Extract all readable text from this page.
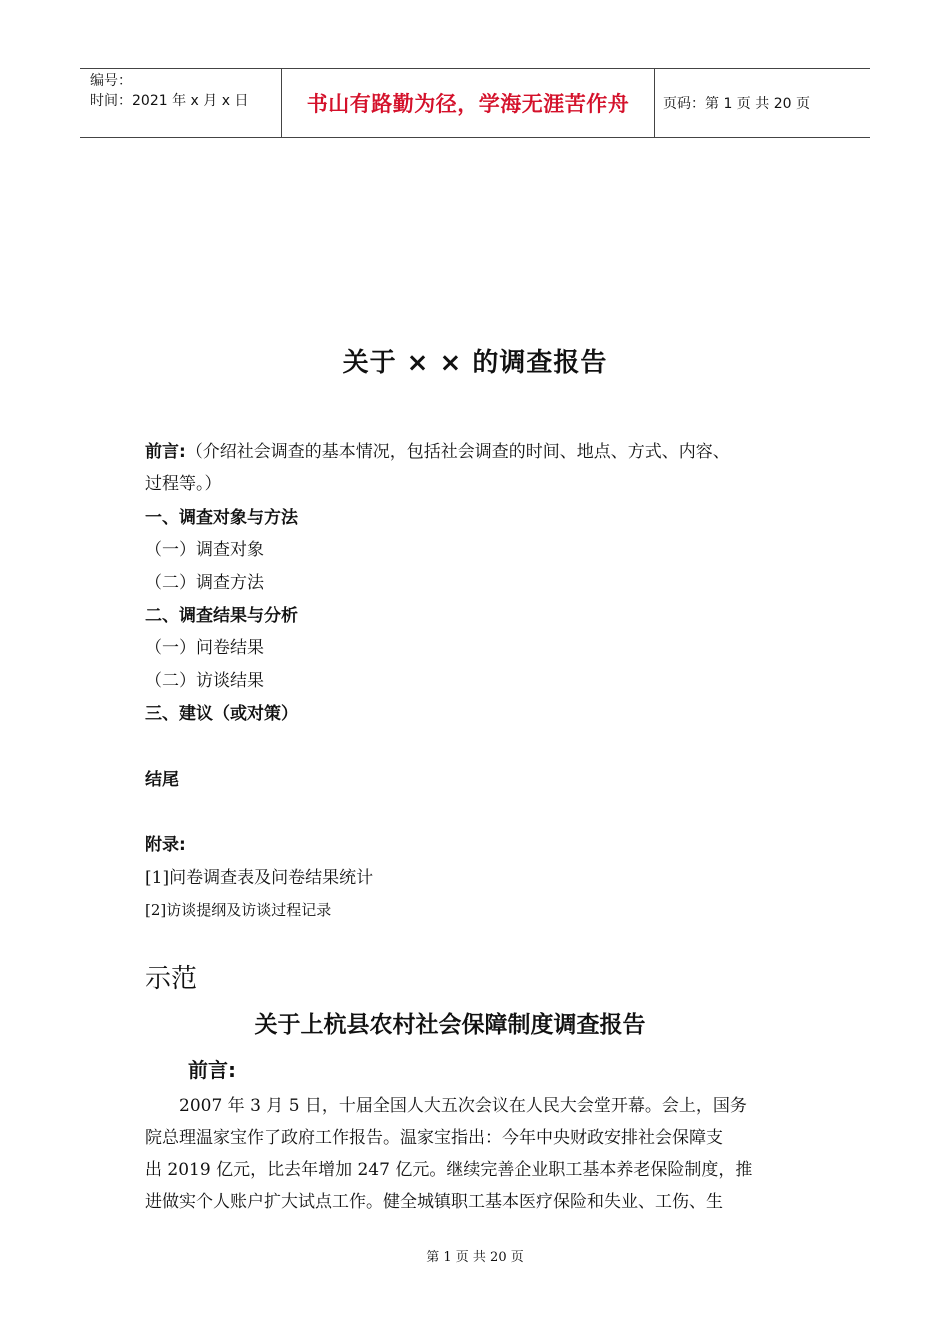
编号：
时间：2021 年 x 月 x 日	书山有路勤为径，学海无涯苦作舟 页码：第 1 页 共 20 页
关于 × × 的调查报告
前言:（介绍社会调查的基本情况，包括社会调查的时间、地点、方式、内容、
过程等。）
一、调查对象与方法
（一）调查对象
（二）调查方法
二、调查结果与分析
（一）问卷结果
（二）访谈结果
三、建议（或对策）
结尾
附录:
[1]问卷调查表及问卷结果统计
[2]访谈提纲及访谈过程记录
示范
关于上杭县农村社会保障制度调查报告
前言:

　　2007 年 3 月 5 日，十届全国人大五次会议在人民大会堂开幕。会上，国务

院总理温家宝作了政府工作报告。温家宝指出：今年中央财政安排社会保障支

出 2019 亿元，比去年增加 247 亿元。继续完善企业职工基本养老保险制度，推

进做实个人账户扩大试点工作。健全城镇职工基本医疗保险和失业、工伤、生

第 1 页 共 20 页
